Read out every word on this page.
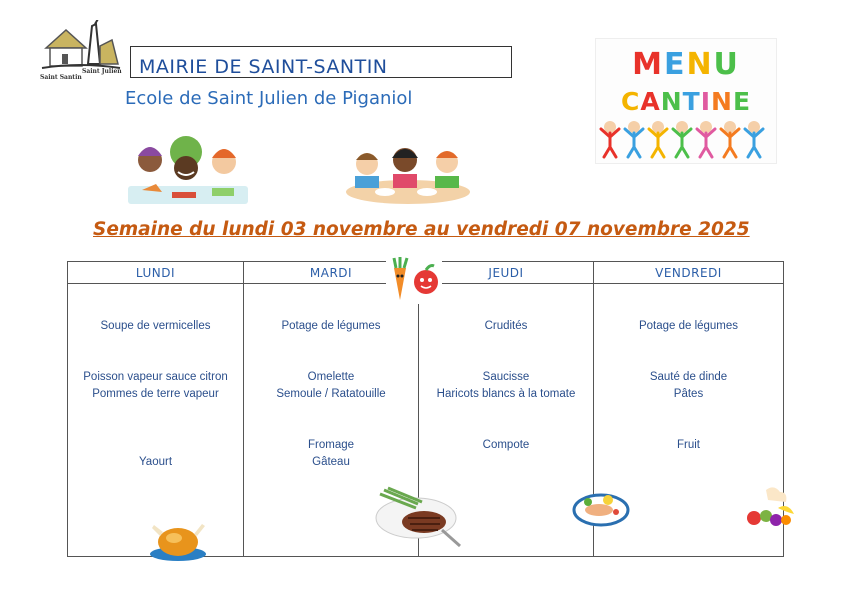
Saint Santin
Saint Julien MAIRIE DE SAINT-SANTIN
Ecole de Saint Julien de Piganiol
MENU
CANTINE
Semaine du lundi 03 novembre au vendredi 07 novembre 2025
LUNDI
Soupe de vermicelles
Poisson vapeur sauce citron
Pommes de terre vapeur
Yaourt
MARDI
Potage de légumes
Omelette
Semoule / Ratatouille
Fromage
Gâteau
JEUDI
Crudités
Saucisse
Haricots blancs à la tomate
Compote
VENDREDI
Potage de légumes
Sauté de dinde
Pâtes
Fruit
